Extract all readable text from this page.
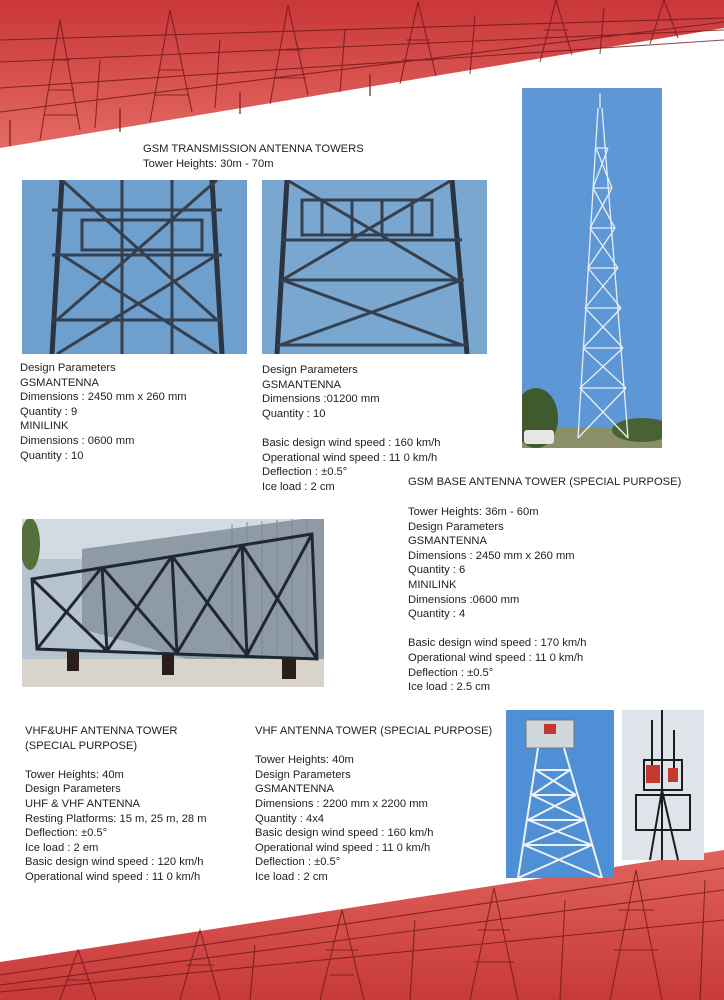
GSM TRANSMISSION ANTENNA TOWERS
Tower Heights: 30m - 70m
Design Parameters
GSMANTENNA
Dimensions : 2450 mm x 260 mm
Quantity : 9
MINILINK
Dimensions : 0600 mm
Quantity : 10
Design Parameters
GSMANTENNA
Dimensions :01200 mm
Quantity : 10
Basic design wind speed : 160 km/h
Operational wind speed : 11 0 km/h
Deflection : ±0.5°
Ice load : 2 cm	GSM BASE ANTENNA TOWER (SPECIAL PURPOSE)
Tower Heights: 36m - 60m
Design Parameters
GSMANTENNA
Dimensions : 2450 mm x 260 mm
Quantity : 6
MINILINK
Dimensions :0600 mm
Quantity : 4
Basic design wind speed : 170 km/h
Operational wind speed : 11 0 km/h
Deflection : ±0.5°
Ice load : 2.5 cm
VHF&UHF ANTENNA TOWER
(SPECIAL PURPOSE)
Tower Heights: 40m
Design Parameters
UHF & VHF ANTENNA
Resting Platforms: 15 m, 25 m, 28 m
Deflection: ±0.5°
Ice load : 2 em
Basic design wind speed : 120 km/h
Operational wind speed : 11 0 km/h
VHF ANTENNA TOWER (SPECIAL PURPOSE)
Tower Heights: 40m
Design Parameters
GSMANTENNA
Dimensions : 2200 mm x 2200 mm
Quantity : 4x4
Basic design wind speed : 160 km/h
Operational wind speed : 11 0 km/h
Deflection : ±0.5°
Ice load : 2 cm
